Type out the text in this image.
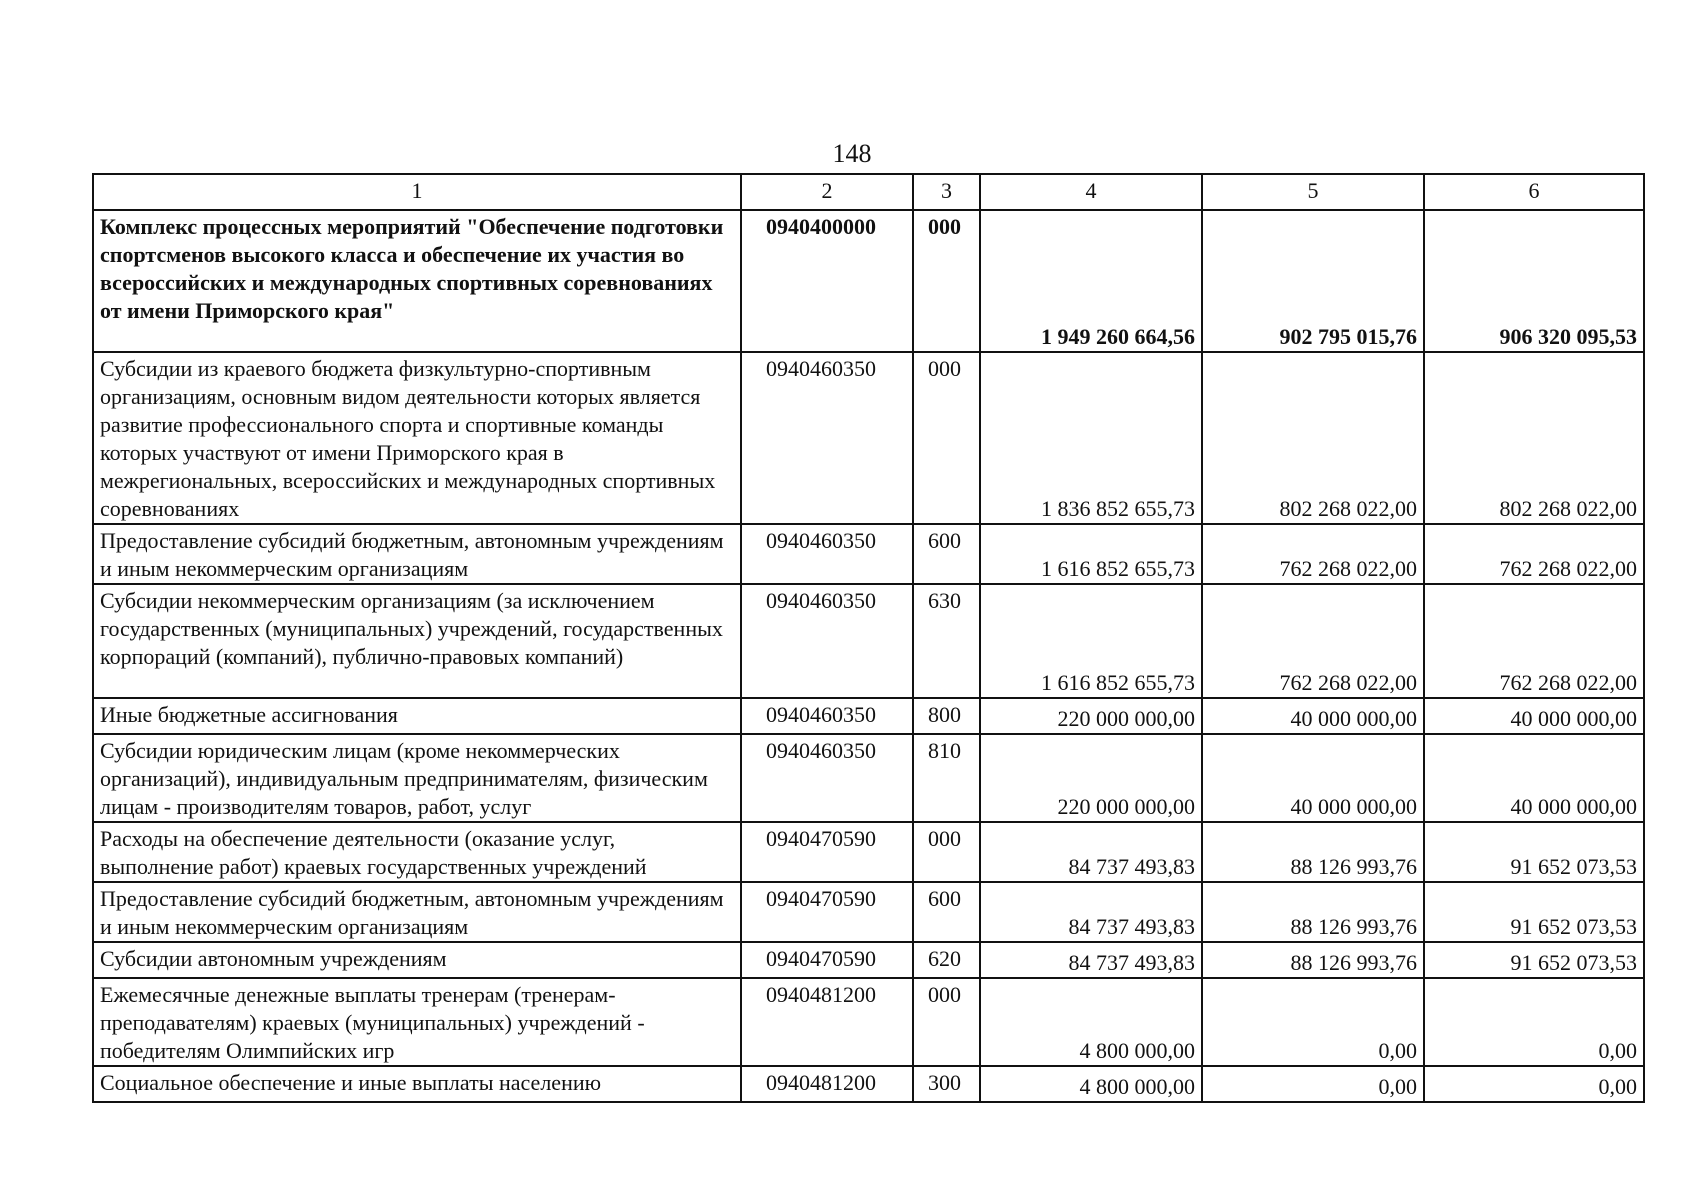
148
1	2	3	4	5	6
Комплекс процессных мероприятий "Обеспечение подготовки спортсменов высокого класса и обеспечение их участия во всероссийских и международных спортивных соревнованиях от имени Приморского края"	0940400000	000	1 949 260 664,56	902 795 015,76	906 320 095,53
Субсидии из краевого бюджета физкультурно-спортивным организациям, основным видом деятельности которых является развитие профессионального спорта и спортивные команды которых участвуют от имени Приморского края в межрегиональных, всероссийских и международных спортивных соревнованиях	0940460350	000	1 836 852 655,73	802 268 022,00	802 268 022,00
Предоставление субсидий бюджетным, автономным учреждениям и иным некоммерческим организациям	0940460350	600	1 616 852 655,73	762 268 022,00	762 268 022,00
Субсидии некоммерческим организациям (за исключением государственных (муниципальных) учреждений, государственных корпораций (компаний), публично-правовых компаний)	0940460350	630	1 616 852 655,73	762 268 022,00	762 268 022,00
Иные бюджетные ассигнования	0940460350	800	220 000 000,00	40 000 000,00	40 000 000,00
Субсидии юридическим лицам (кроме некоммерческих организаций), индивидуальным предпринимателям, физическим лицам - производителям товаров, работ, услуг	0940460350	810	220 000 000,00	40 000 000,00	40 000 000,00
Расходы на обеспечение деятельности (оказание услуг, выполнение работ) краевых государственных учреждений	0940470590	000	84 737 493,83	88 126 993,76	91 652 073,53
Предоставление субсидий бюджетным, автономным учреждениям и иным некоммерческим организациям	0940470590	600	84 737 493,83	88 126 993,76	91 652 073,53
Субсидии автономным учреждениям	0940470590	620	84 737 493,83	88 126 993,76	91 652 073,53
Ежемесячные денежные выплаты тренерам (тренерам-преподавателям) краевых (муниципальных) учреждений - победителям Олимпийских игр	0940481200	000	4 800 000,00	0,00	0,00
Социальное обеспечение и иные выплаты населению	0940481200	300	4 800 000,00	0,00	0,00
